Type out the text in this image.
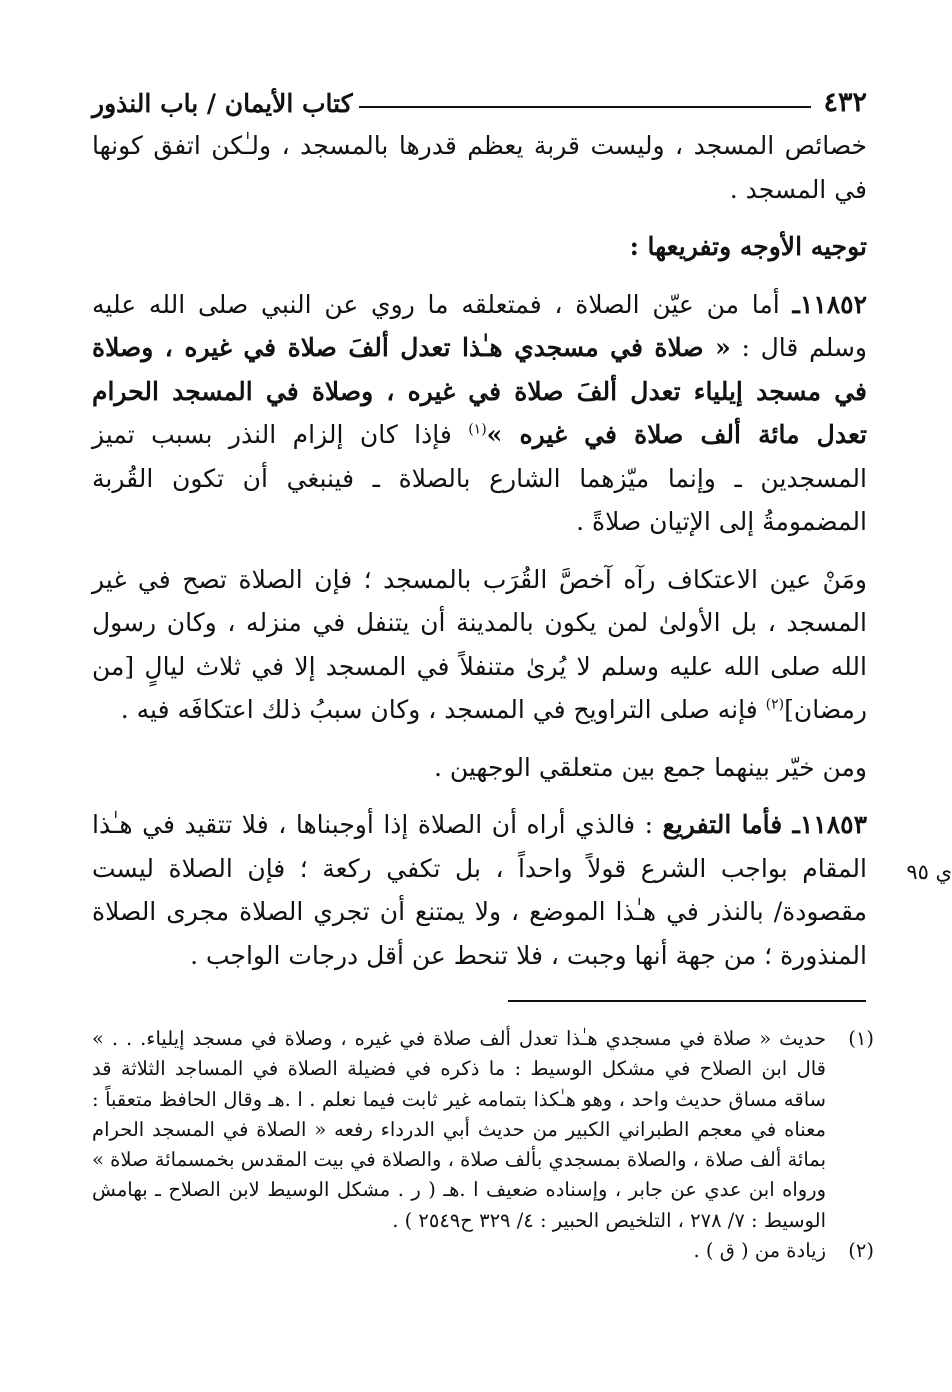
٤٣٢
كتاب الأيمان / باب النذور

خصائص المسجد ، وليست قربة يعظم قدرها بالمسجد ، ولـٰكن اتفق كونها في المسجد .

توجيه الأوجه وتفريعها :

١١٨٥٢ـ أما من عيّن الصلاة ، فمتعلقه ما روي عن النبي صلى الله عليه وسلم قال : « صلاة في مسجدي هـٰذا تعدل ألفَ صلاة في غيره ، وصلاة في مسجد إيلياء تعدل ألفَ صلاة في غيره ، وصلاة في المسجد الحرام تعدل مائة ألف صلاة في غيره »$^{(١)}$ فإذا كان إلزام النذر بسبب تميز المسجدين ـ وإنما ميّزهما الشارع بالصلاة ـ فينبغي أن تكون القُربة المضمومةُ إلى الإتيان صلاةً .

ومَنْ عين الاعتكاف رآه آخصَّ القُرَب بالمسجد ؛ فإن الصلاة تصح في غير المسجد ، بل الأولىٰ لمن يكون بالمدينة أن يتنفل في منزله ، وكان رسول الله صلى الله عليه وسلم لا يُرىٰ متنفلاً في المسجد إلا في ثلاث ليالٍ [من رمضان]$^{(٢)}$ فإنه صلى التراويح في المسجد ، وكان سببُ ذلك اعتكافَه فيه .

ومن خيّر بينهما جمع بين متعلقي الوجهين .

١١٨٥٣ـ فأما التفريع : فالذي أراه أن الصلاة إذا أوجبناها ، فلا تتقيد في هـٰذا المقام بواجب الشرع قولاً واحداً ، بل تكفي ركعة ؛ فإن الصلاة ليست مقصودة/ بالنذر في هـٰذا الموضع ، ولا يمتنع أن تجري الصلاة مجرى الصلاة المنذورة ؛ من جهة أنها وجبت ، فلا تنحط عن أقل درجات الواجب .

ي ٩٥
(١)
حديث « صلاة في مسجدي هـٰذا تعدل ألف صلاة في غيره ، وصلاة في مسجد إيلياء. . . » قال ابن الصلاح في مشكل الوسيط : ما ذكره في فضيلة الصلاة في المساجد الثلاثة قد ساقه مساق حديث واحد ، وهو هـٰكذا بتمامه غير ثابت فيما نعلم . ا .هـ وقال الحافظ متعقباً : معناه في معجم الطبراني الكبير من حديث أبي الدرداء رفعه « الصلاة في المسجد الحرام بمائة ألف صلاة ، والصلاة بمسجدي بألف صلاة ، والصلاة في بيت المقدس بخمسمائة صلاة » ورواه ابن عدي عن جابر ، وإسناده ضعيف ا .هـ ( ر . مشكل الوسيط لابن الصلاح ـ بهامش الوسيط : ٧/ ٢٧٨ ، التلخيص الحبير : ٤/ ٣٢٩ ح٢٥٤٩ ) .
(٢)
زيادة من ( ق ) .
